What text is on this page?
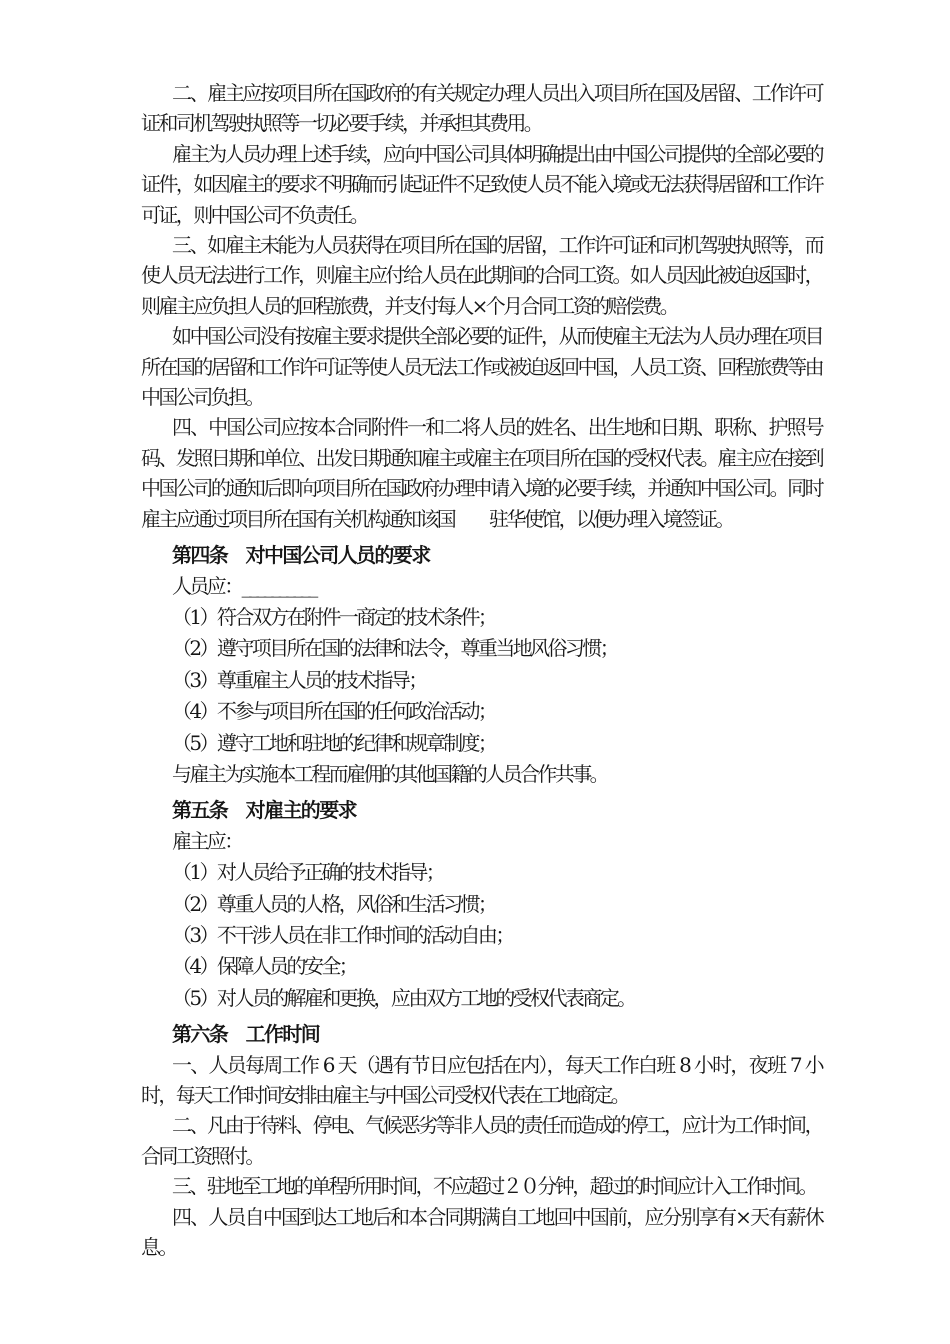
二、雇主应按项目所在国政府的有关规定办理人员出入项目所在国及居留、工作许可证和司机驾驶执照等一切必要手续，并承担其费用。

雇主为人员办理上述手续，应向中国公司具体明确提出由中国公司提供的全部必要的证件，如因雇主的要求不明确而引起证件不足致使人员不能入境或无法获得居留和工作许可证，则中国公司不负责任。

三、如雇主未能为人员获得在项目所在国的居留，工作许可证和司机驾驶执照等，而使人员无法进行工作，则雇主应付给人员在此期间的合同工资。如人员因此被迫返国时，则雇主应负担人员的回程旅费，并支付每人×个月合同工资的赔偿费。

如中国公司没有按雇主要求提供全部必要的证件，从而使雇主无法为人员办理在项目所在国的居留和工作许可证等使人员无法工作或被迫返回中国，人员工资、回程旅费等由中国公司负担。

四、中国公司应按本合同附件一和二将人员的姓名、出生地和日期、职称、护照号码、发照日期和单位、出发日期通知雇主或雇主在项目所在国的受权代表。雇主应在接到中国公司的通知后即向项目所在国政府办理申请入境的必要手续，并通知中国公司。同时雇主应通过项目所在国有关机构通知该国　　驻华使馆，以便办理入境签证。

第四条　对中国公司人员的要求

人员应：__________

（1）符合双方在附件一商定的技术条件；

（2）遵守项目所在国的法律和法令，尊重当地风俗习惯；

（3）尊重雇主人员的技术指导；

（4）不参与项目所在国的任何政治活动；

（5）遵守工地和驻地的纪律和规章制度；

与雇主为实施本工程而雇佣的其他国籍的人员合作共事。

第五条　对雇主的要求

雇主应：

（1）对人员给予正确的技术指导；

（2）尊重人员的人格，风俗和生活习惯；

（3）不干涉人员在非工作时间的活动自由；

（4）保障人员的安全；

（5）对人员的解雇和更换，应由双方工地的受权代表商定。

第六条　工作时间

一、人员每周工作 6 天（遇有节日应包括在内），每天工作白班 8 小时，夜班 7 小时，每天工作时间安排由雇主与中国公司受权代表在工地商定。

二、凡由于待料、停电、气候恶劣等非人员的责任而造成的停工，应计为工作时间，合同工资照付。

三、驻地至工地的单程所用时间，不应超过２０分钟，超过的时间应计入工作时间。

四、人员自中国到达工地后和本合同期满自工地回中国前，应分别享有×天有薪休息。
